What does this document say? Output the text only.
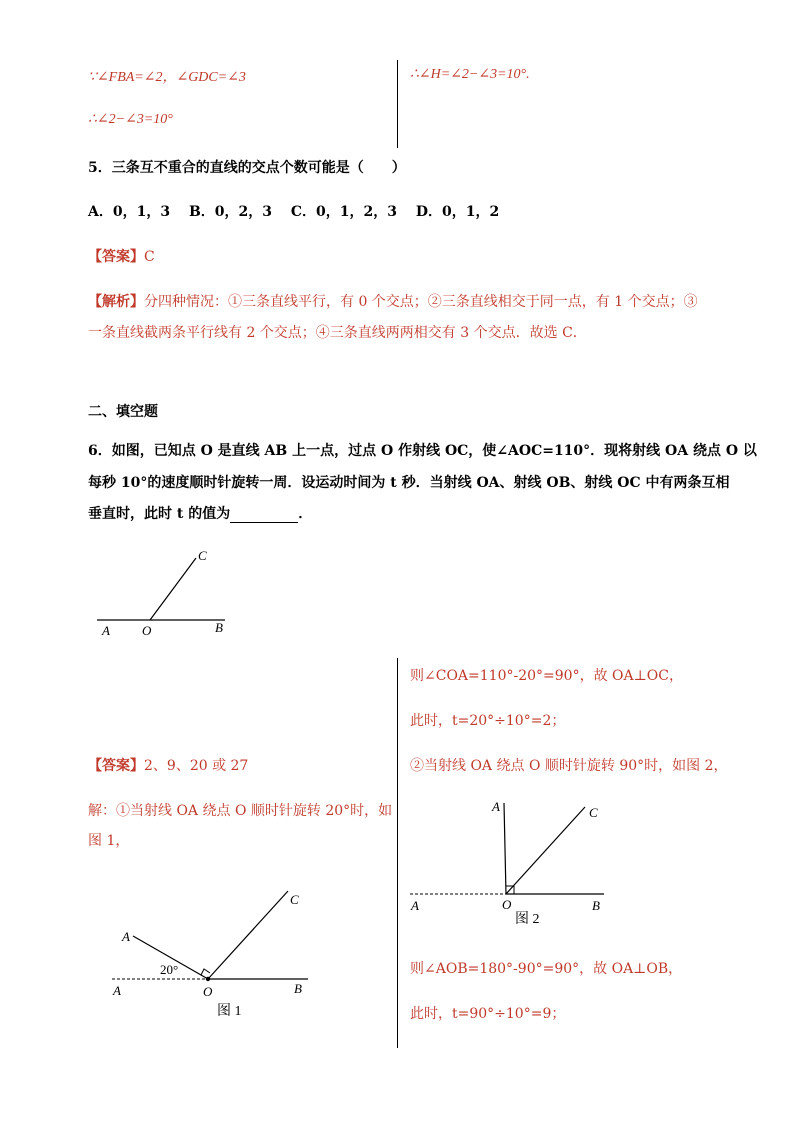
∵∠FBA=∠2，∠GDC=∠3
∴∠2−∠3=10°
∴∠H=∠2−∠3=10°.
5．三条互不重合的直线的交点个数可能是（　　）
A．0，1，3　 B．0，2，3　 C．0，1，2，3　 D．0，1，2
【答案】C
【解析】分四种情况：①三条直线平行，有 0 个交点；②三条直线相交于同一点，有 1 个交点；③
一条直线截两条平行线有 2 个交点；④三条直线两两相交有 3 个交点．故选 C．
二、填空题
6．如图，已知点 O 是直线 AB 上一点，过点 O 作射线 OC，使∠AOC=110°．现将射线 OA 绕点 O 以
每秒 10°的速度顺时针旋转一周．设运动时间为 t 秒．当射线 OA、射线 OB、射线 OC 中有两条互相
垂直时，此时 t 的值为	．
A O	B
C
【答案】2、9、20 或 27
解：①当射线 OA 绕点 O 顺时针旋转 20°时，如
图 1，
A
C
A	O	B
20°
图 1
则∠COA=110°-20°=90°，故 OA⊥OC，
此时，t=20°÷10°=2；
②当射线 OA 绕点 O 顺时针旋转 90°时，如图 2，
A	C
A	O	B
图 2
则∠AOB=180°-90°=90°，故 OA⊥OB，
此时，t=90°÷10°=9；
